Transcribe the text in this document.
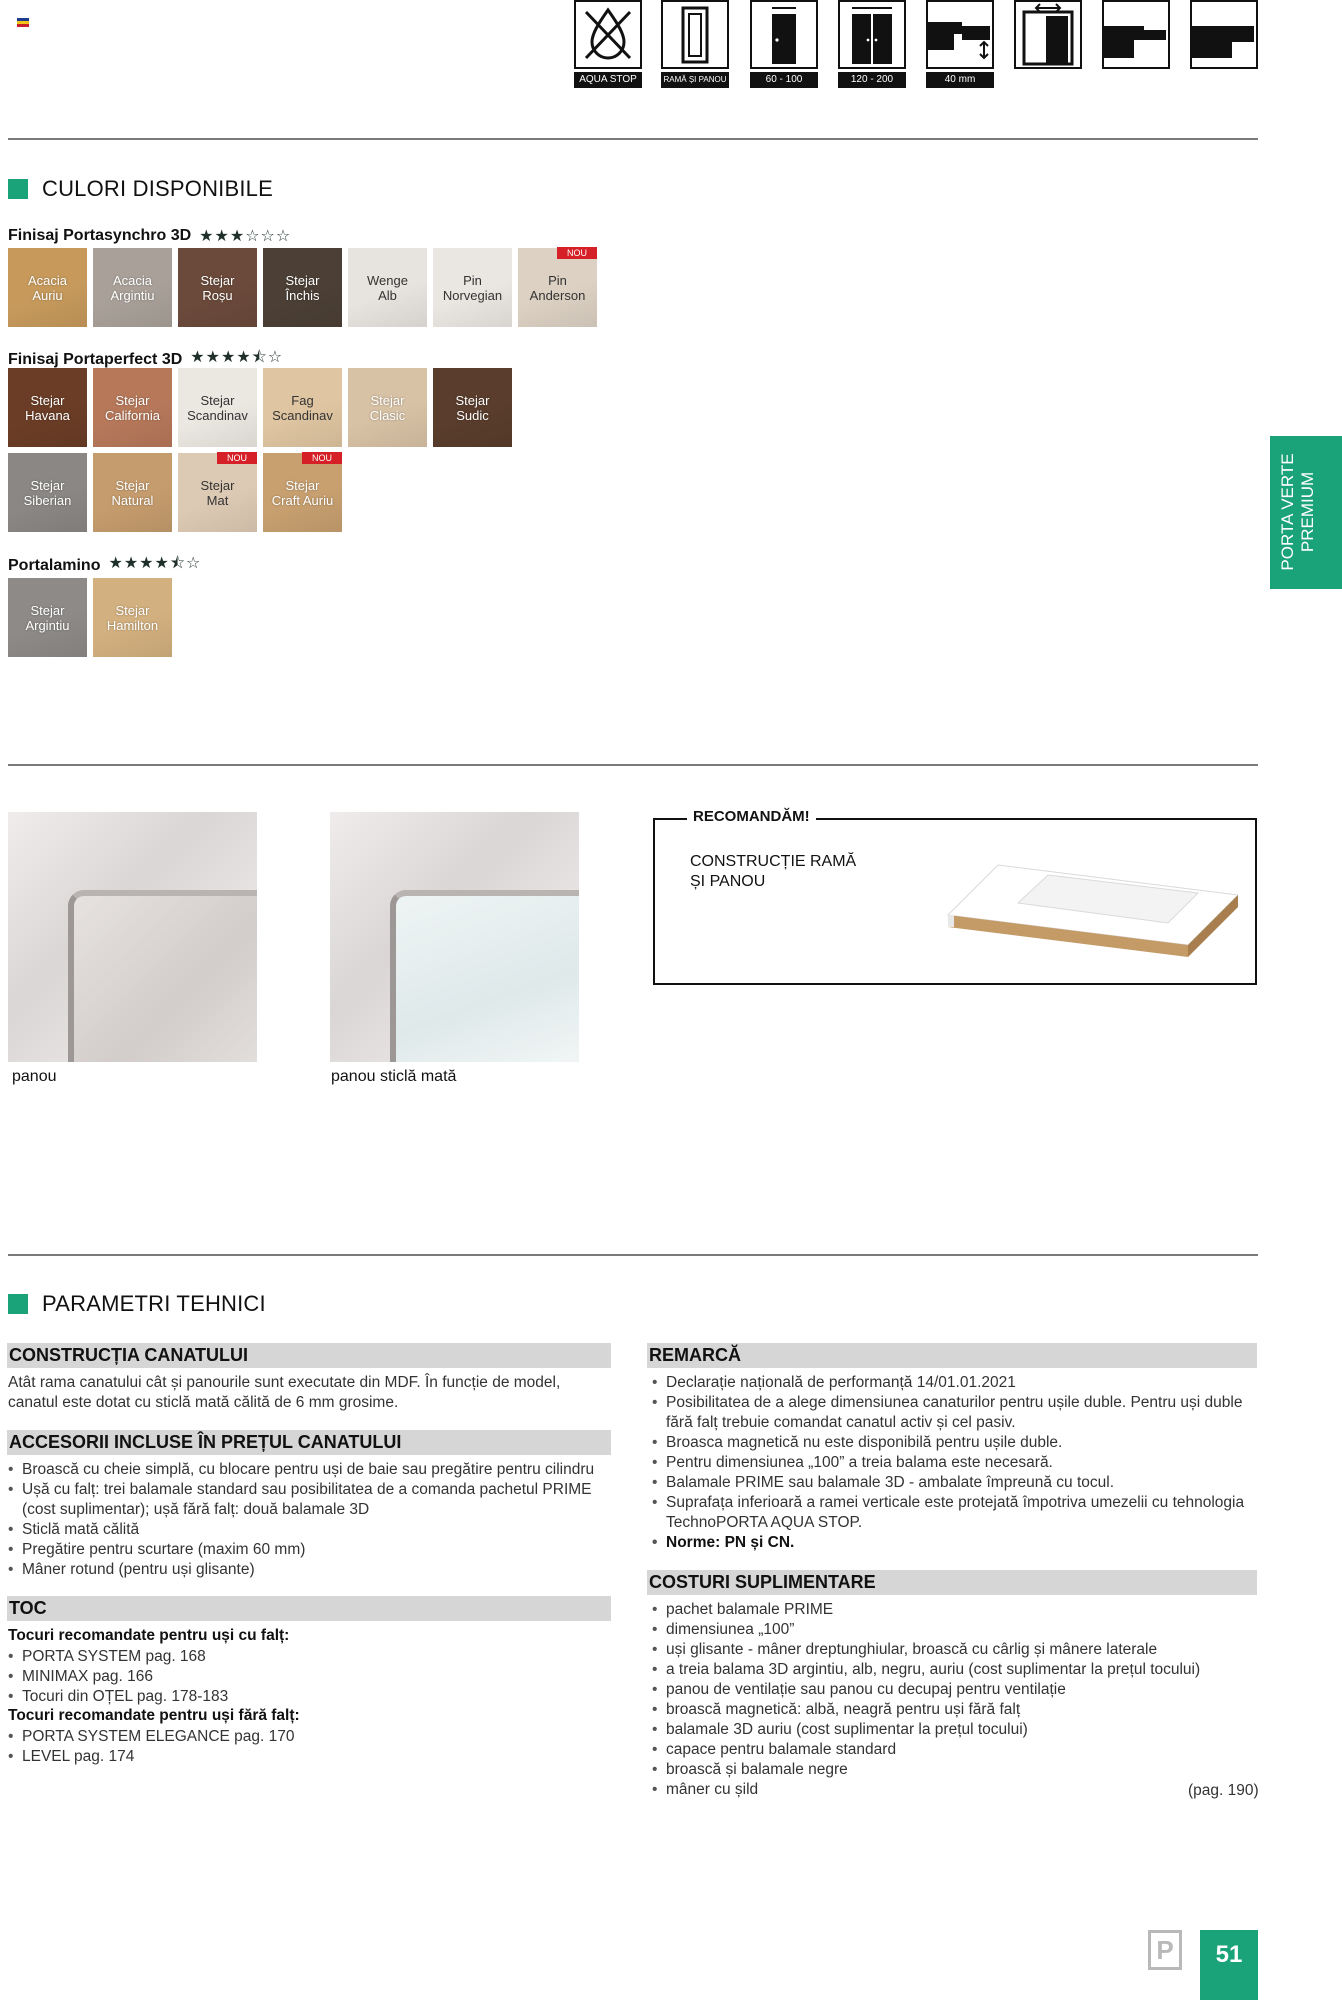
AQUA STOP	RAMĂ ȘI PANOU	60 - 100	120 - 200	40 mm
CULORI DISPONIBILE
Finisaj Portasynchro 3D ★★★☆☆☆
Acacia
Auriu
Acacia
Argintiu
Stejar
Roșu
Stejar
Închis
Wenge
Alb
Pin
Norvegian
Pin
Anderson
NOU
Finisaj Portaperfect 3D ★★★★⯪☆
Stejar
Havana
Stejar
California
Stejar
Scandinav
Fag
Scandinav
Stejar
Clasic
Stejar
Sudic
Stejar
Siberian
Stejar
Natural
Stejar
Mat
NOU
Stejar
Craft Auriu
NOU
Portalamino ★★★★⯪☆
Stejar
Argintiu
Stejar
Hamilton
PORTA VERTE PREMIUM
panou	panou sticlă mată
RECOMANDĂM!
CONSTRUCȚIE RAMĂ
ȘI PANOU
PARAMETRI TEHNICI
CONSTRUCȚIA CANATULUI
Atât rama canatului cât și panourile sunt executate din MDF. În funcție de model, canatul este dotat cu sticlă mată călită de 6 mm grosime.
ACCESORII INCLUSE ÎN PREȚUL CANATULUI
• Broască cu cheie simplă, cu blocare pentru uși de baie sau pregătire pentru cilindru
• Ușă cu falț: trei balamale standard sau posibilitatea de a comanda pachetul PRIME (cost suplimentar); ușă fără falț: două balamale 3D
• Sticlă mată călită
• Pregătire pentru scurtare (maxim 60 mm)
• Mâner rotund (pentru uși glisante)
TOC
Tocuri recomandate pentru uși cu falț:
• PORTA SYSTEM pag. 168
• MINIMAX pag. 166
• Tocuri din OȚEL pag. 178-183
Tocuri recomandate pentru uși fără falț:
• PORTA SYSTEM ELEGANCE pag. 170
• LEVEL pag. 174
REMARCĂ
• Declarație națională de performanță 14/01.01.2021
• Posibilitatea de a alege dimensiunea canaturilor pentru ușile duble. Pentru uși duble fără falț trebuie comandat canatul activ și cel pasiv.
• Broasca magnetică nu este disponibilă pentru ușile duble.
• Pentru dimensiunea „100” a treia balama este necesară.
• Balamale PRIME sau balamale 3D - ambalate împreună cu tocul.
• Suprafața inferioară a ramei verticale este protejată împotriva umezelii cu tehnologia TechnoPORTA AQUA STOP.
• Norme: PN și CN.
COSTURI SUPLIMENTARE
• pachet balamale PRIME
• dimensiunea „100”
• uși glisante - mâner dreptunghiular, broască cu cârlig și mânere laterale
• a treia balama 3D argintiu, alb, negru, auriu (cost suplimentar la prețul tocului)
• panou de ventilație sau panou cu decupaj pentru ventilație
• broască magnetică: albă, neagră pentru uși fără falț
• balamale 3D auriu (cost suplimentar la prețul tocului)
• capace pentru balamale standard
• broască și balamale negre
• mâner cu șild	(pag. 190)
P	51
